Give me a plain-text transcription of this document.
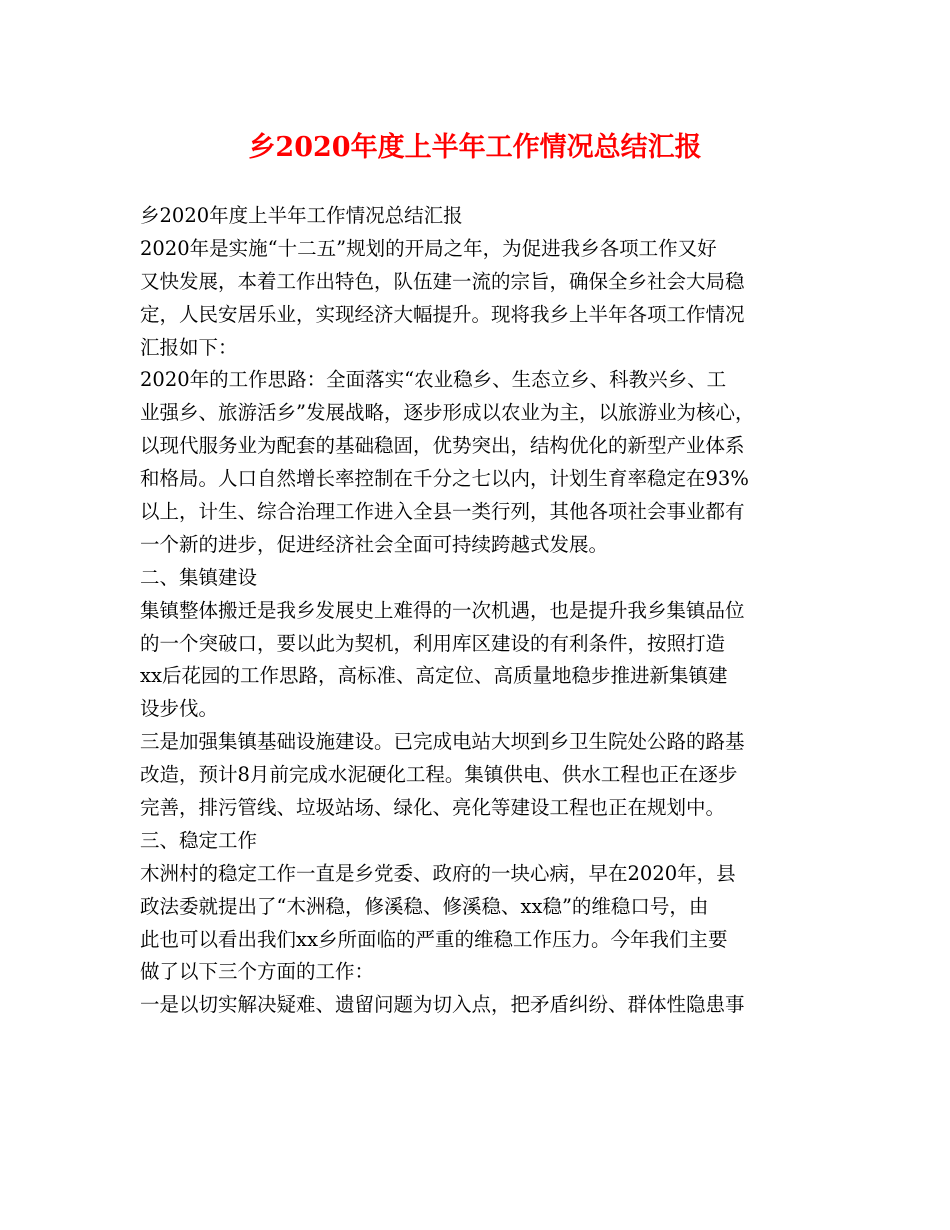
乡2020年度上半年工作情况总结汇报
乡2020年度上半年工作情况总结汇报
2020年是实施“十二五”规划的开局之年，为促进我乡各项工作又好
又快发展，本着工作出特色，队伍建一流的宗旨，确保全乡社会大局稳
定，人民安居乐业，实现经济大幅提升。现将我乡上半年各项工作情况
汇报如下：
2020年的工作思路：全面落实“农业稳乡、生态立乡、科教兴乡、工
业强乡、旅游活乡”发展战略，逐步形成以农业为主，以旅游业为核心，
以现代服务业为配套的基础稳固，优势突出，结构优化的新型产业体系
和格局。人口自然增长率控制在千分之七以内，计划生育率稳定在93%
以上，计生、综合治理工作进入全县一类行列，其他各项社会事业都有
一个新的进步，促进经济社会全面可持续跨越式发展。
二、集镇建设
集镇整体搬迁是我乡发展史上难得的一次机遇，也是提升我乡集镇品位
的一个突破口，要以此为契机，利用库区建设的有利条件，按照打造
xx后花园的工作思路，高标准、高定位、高质量地稳步推进新集镇建
设步伐。
三是加强集镇基础设施建设。已完成电站大坝到乡卫生院处公路的路基
改造，预计8月前完成水泥硬化工程。集镇供电、供水工程也正在逐步
完善，排污管线、垃圾站场、绿化、亮化等建设工程也正在规划中。
三、稳定工作
木洲村的稳定工作一直是乡党委、政府的一块心病，早在2020年，县
政法委就提出了“木洲稳，修溪稳、修溪稳、xx稳”的维稳口号，由
此也可以看出我们xx乡所面临的严重的维稳工作压力。今年我们主要
做了以下三个方面的工作：
一是以切实解决疑难、遗留问题为切入点，把矛盾纠纷、群体性隐患事
